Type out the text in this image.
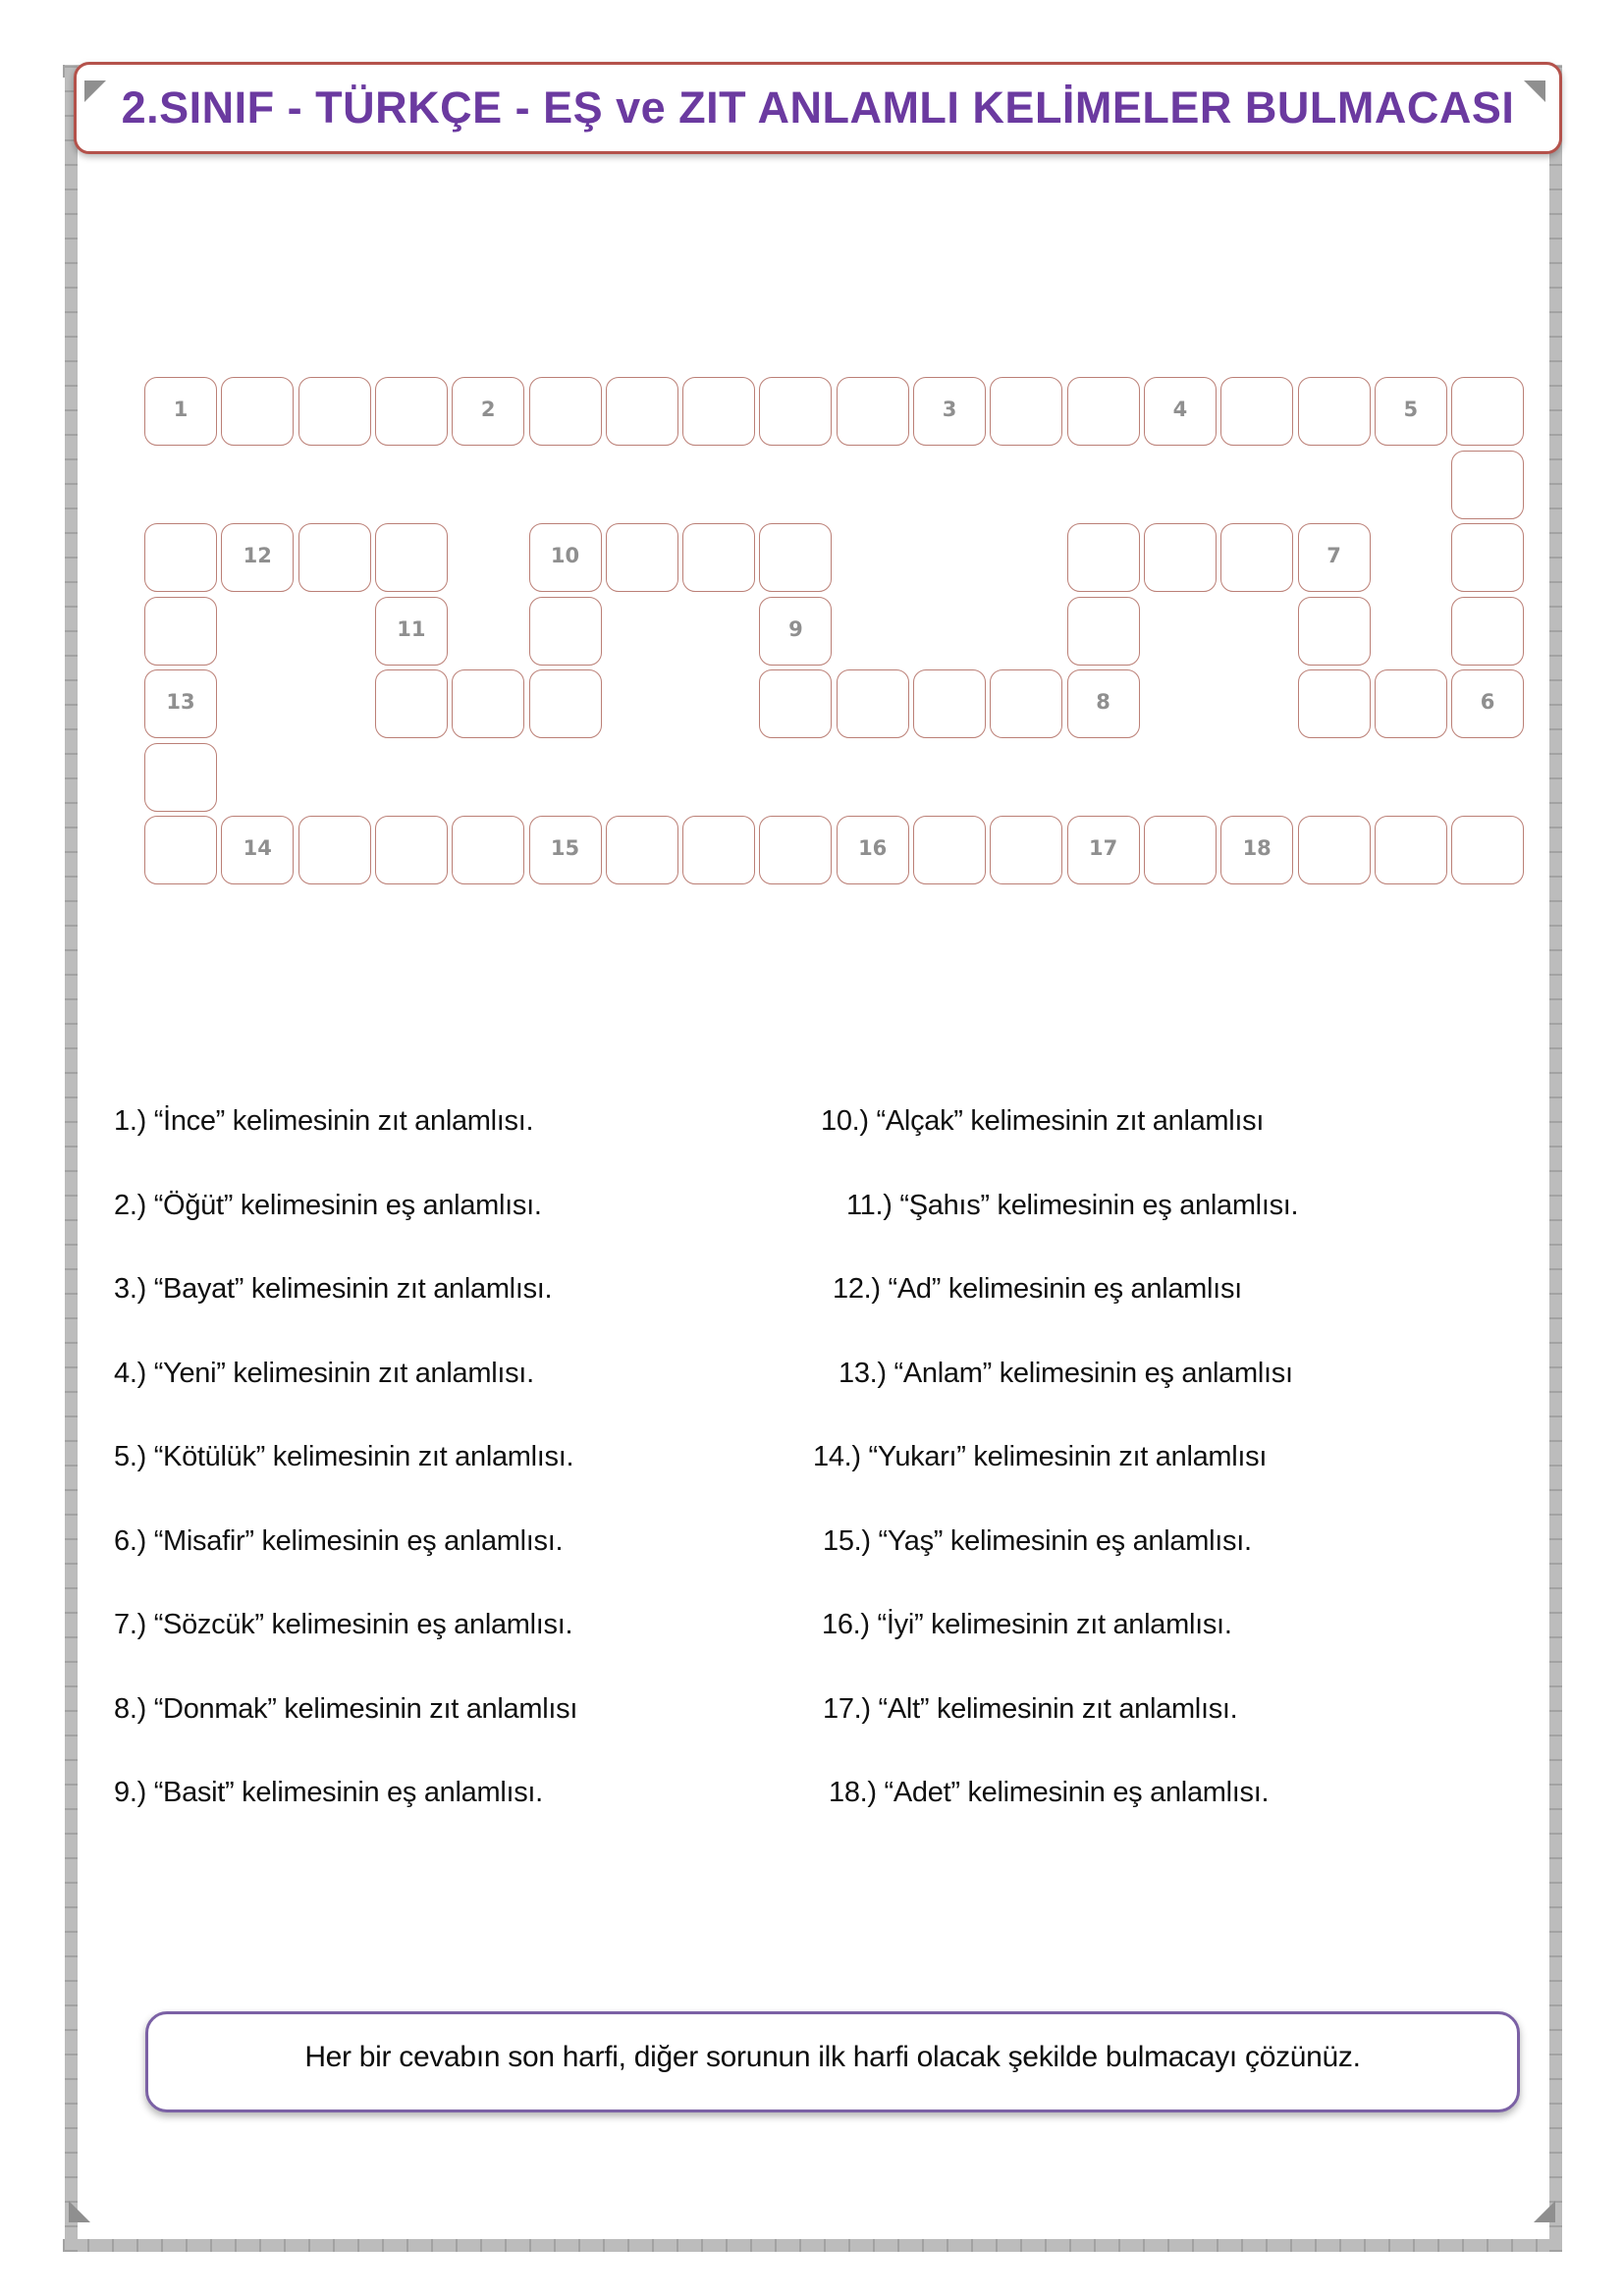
2.SINIF - TÜRKÇE - EŞ ve ZIT ANLAMLI KELİMELER BULMACASI
1	2	3	4	5
12	10	7
11	9
13	8	6
14	15	16	17	18
1.) “İnce” kelimesinin zıt anlamlısı.
2.) “Öğüt” kelimesinin eş anlamlısı.
3.) “Bayat” kelimesinin zıt anlamlısı.
4.) “Yeni” kelimesinin zıt anlamlısı.
5.) “Kötülük” kelimesinin zıt anlamlısı.
6.) “Misafir” kelimesinin eş anlamlısı.
7.) “Sözcük” kelimesinin eş anlamlısı.
8.) “Donmak” kelimesinin zıt anlamlısı
9.) “Basit” kelimesinin eş anlamlısı.
10.) “Alçak” kelimesinin zıt anlamlısı
11.) “Şahıs” kelimesinin eş anlamlısı.
12.) “Ad” kelimesinin eş anlamlısı
13.) “Anlam” kelimesinin eş anlamlısı
14.) “Yukarı” kelimesinin zıt anlamlısı
15.) “Yaş” kelimesinin eş anlamlısı.
16.) “İyi” kelimesinin zıt anlamlısı.
17.) “Alt” kelimesinin zıt anlamlısı.
18.) “Adet” kelimesinin eş anlamlısı.
Her bir cevabın son harfi, diğer sorunun ilk harfi olacak şekilde bulmacayı çözünüz.
